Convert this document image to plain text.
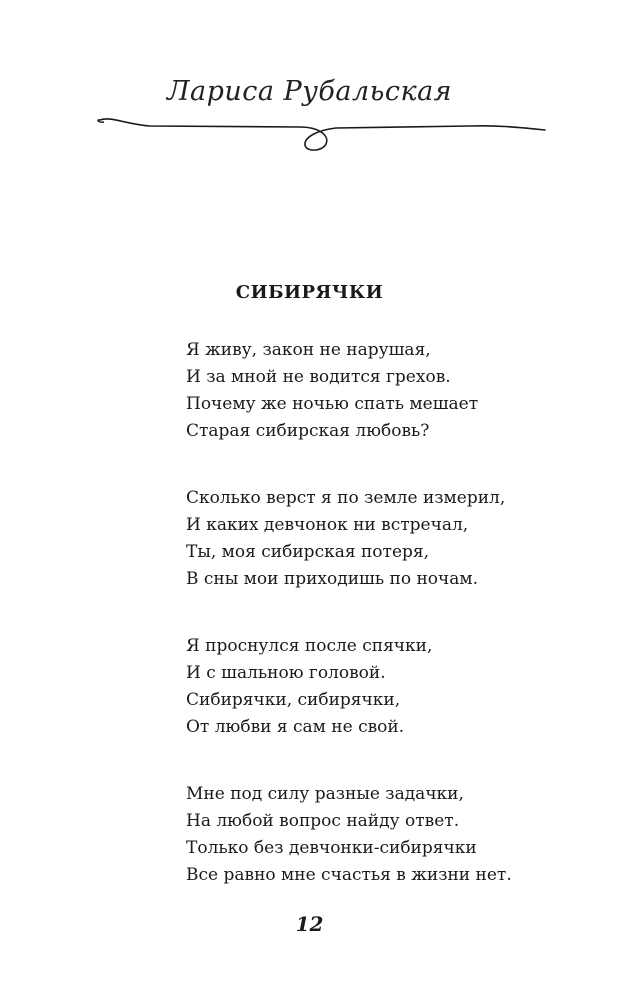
Лариса Рубальская
СИБИРЯЧКИ
Я живу, закон не нарушая,
И за мной не водится грехов.
Почему же ночью спать мешает
Старая сибирская любовь?
Сколько верст я по земле измерил,
И каких девчонок ни встречал,
Ты, моя сибирская потеря,
В сны мои приходишь по ночам.
Я проснулся после спячки,
И с шальною головой.
Сибирячки, сибирячки,
От любви я сам не свой.
Мне под силу разные задачки,
На любой вопрос найду ответ.
Только без девчонки-сибирячки
Все равно мне счастья в жизни нет.
12
